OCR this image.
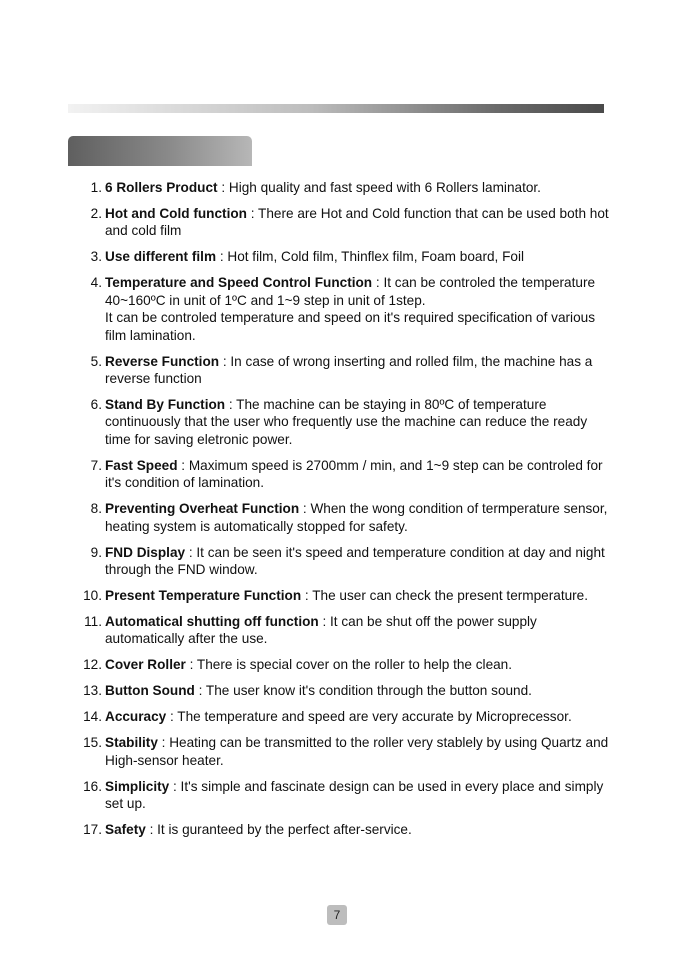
1. 6 Rollers Product : High quality and fast speed with 6 Rollers laminator.
2. Hot and Cold function : There are Hot and Cold function that can be used both hot and cold film
3. Use different film : Hot film, Cold film, Thinflex film, Foam board, Foil
4. Temperature and Speed Control Function : It can be controled the temperature 40~160ºC in unit of 1ºC and 1~9 step in unit of 1step.
It can be controled temperature and speed on it's required specification of various film lamination.
5. Reverse Function : In case of wrong inserting and rolled film, the machine has a reverse function
6. Stand By Function : The machine can be staying in 80ºC of temperature continuously that the user who frequently use the machine can reduce the ready time for saving eletronic power.
7. Fast Speed : Maximum speed is 2700mm / min, and 1~9 step can be controled for it's condition of lamination.
8. Preventing Overheat Function : When the wong condition of termperature sensor, heating system is automatically stopped for safety.
9. FND Display : It can be seen it's speed and temperature condition at day and night through the FND window.
10. Present Temperature Function : The user can check the present termperature.
11. Automatical shutting off function : It can be shut off the power supply automatically after the use.
12. Cover Roller : There is special cover on the roller to help the clean.
13. Button Sound : The user know it's condition through the button sound.
14. Accuracy : The temperature and speed are very accurate by Microprecessor.
15. Stability : Heating can be transmitted to the roller very stablely by using Quartz and High-sensor heater.
16. Simplicity : It's simple and fascinate design can be used in every place and simply set up.
17. Safety : It is guranteed by the perfect after-service.
7
